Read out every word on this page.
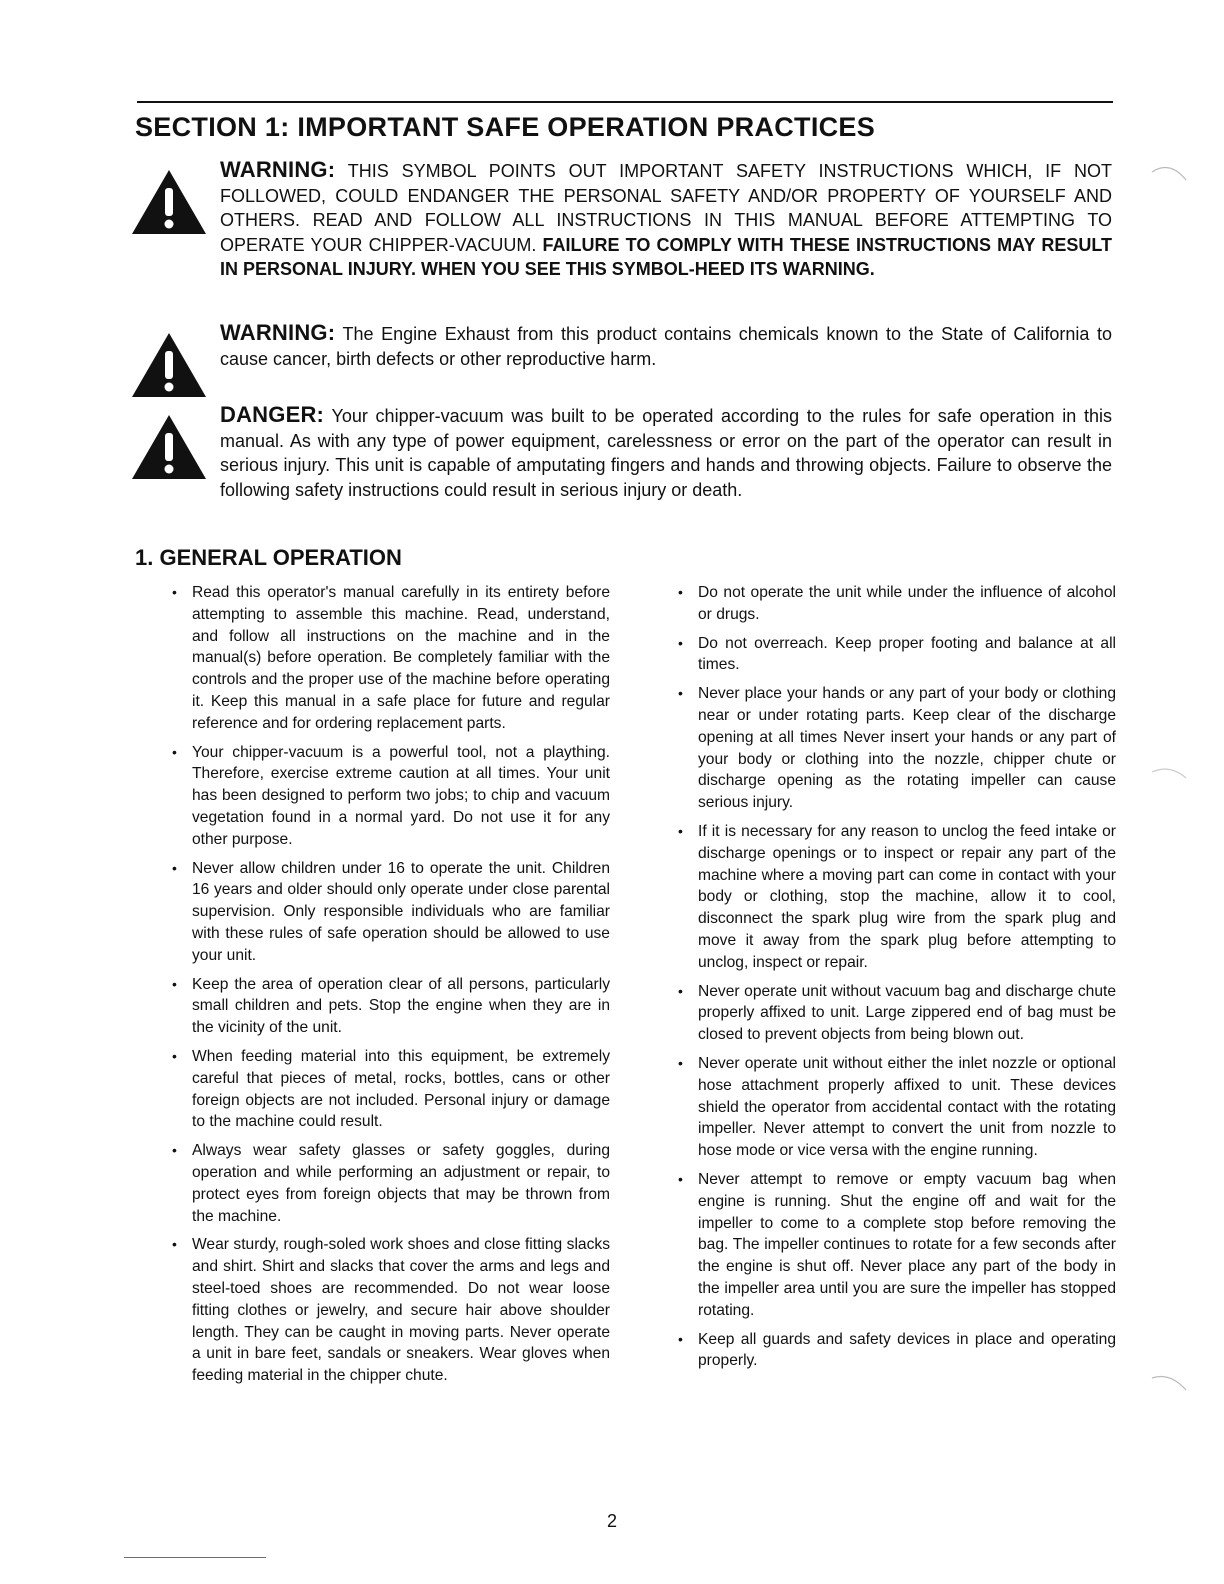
SECTION 1: IMPORTANT SAFE OPERATION PRACTICES
WARNING: THIS SYMBOL POINTS OUT IMPORTANT SAFETY INSTRUCTIONS WHICH, IF NOT FOLLOWED, COULD ENDANGER THE PERSONAL SAFETY AND/OR PROPERTY OF YOURSELF AND OTHERS. READ AND FOLLOW ALL INSTRUCTIONS IN THIS MANUAL BEFORE ATTEMPTING TO OPERATE YOUR CHIPPER-VACUUM. FAILURE TO COMPLY WITH THESE INSTRUCTIONS MAY RESULT IN PERSONAL INJURY. WHEN YOU SEE THIS SYMBOL-HEED ITS WARNING.
WARNING: The Engine Exhaust from this product contains chemicals known to the State of California to cause cancer, birth defects or other reproductive harm.
DANGER: Your chipper-vacuum was built to be operated according to the rules for safe operation in this manual. As with any type of power equipment, carelessness or error on the part of the operator can result in serious injury. This unit is capable of amputating fingers and hands and throwing objects. Failure to observe the following safety instructions could result in serious injury or death.
1. GENERAL OPERATION
• Read this operator's manual carefully in its entirety before attempting to assemble this machine. Read, understand, and follow all instructions on the machine and in the manual(s) before operation. Be completely familiar with the controls and the proper use of the machine before operating it. Keep this manual in a safe place for future and regular reference and for ordering replacement parts.
• Your chipper-vacuum is a powerful tool, not a plaything. Therefore, exercise extreme caution at all times. Your unit has been designed to perform two jobs; to chip and vacuum vegetation found in a normal yard. Do not use it for any other purpose.
• Never allow children under 16 to operate the unit. Children 16 years and older should only operate under close parental supervision. Only responsible individuals who are familiar with these rules of safe operation should be allowed to use your unit.
• Keep the area of operation clear of all persons, particularly small children and pets. Stop the engine when they are in the vicinity of the unit.
• When feeding material into this equipment, be extremely careful that pieces of metal, rocks, bottles, cans or other foreign objects are not included. Personal injury or damage to the machine could result.
• Always wear safety glasses or safety goggles, during operation and while performing an adjustment or repair, to protect eyes from foreign objects that may be thrown from the machine.
• Wear sturdy, rough-soled work shoes and close fitting slacks and shirt. Shirt and slacks that cover the arms and legs and steel-toed shoes are recommended. Do not wear loose fitting clothes or jewelry, and secure hair above shoulder length. They can be caught in moving parts. Never operate a unit in bare feet, sandals or sneakers. Wear gloves when feeding material in the chipper chute.
• Do not operate the unit while under the influence of alcohol or drugs.
• Do not overreach. Keep proper footing and balance at all times.
• Never place your hands or any part of your body or clothing near or under rotating parts. Keep clear of the discharge opening at all times Never insert your hands or any part of your body or clothing into the nozzle, chipper chute or discharge opening as the rotating impeller can cause serious injury.
• If it is necessary for any reason to unclog the feed intake or discharge openings or to inspect or repair any part of the machine where a moving part can come in contact with your body or clothing, stop the machine, allow it to cool, disconnect the spark plug wire from the spark plug and move it away from the spark plug before attempting to unclog, inspect or repair.
• Never operate unit without vacuum bag and discharge chute properly affixed to unit. Large zippered end of bag must be closed to prevent objects from being blown out.
• Never operate unit without either the inlet nozzle or optional hose attachment properly affixed to unit. These devices shield the operator from accidental contact with the rotating impeller. Never attempt to convert the unit from nozzle to hose mode or vice versa with the engine running.
• Never attempt to remove or empty vacuum bag when engine is running. Shut the engine off and wait for the impeller to come to a complete stop before removing the bag. The impeller continues to rotate for a few seconds after the engine is shut off. Never place any part of the body in the impeller area until you are sure the impeller has stopped rotating.
• Keep all guards and safety devices in place and operating properly.
2
